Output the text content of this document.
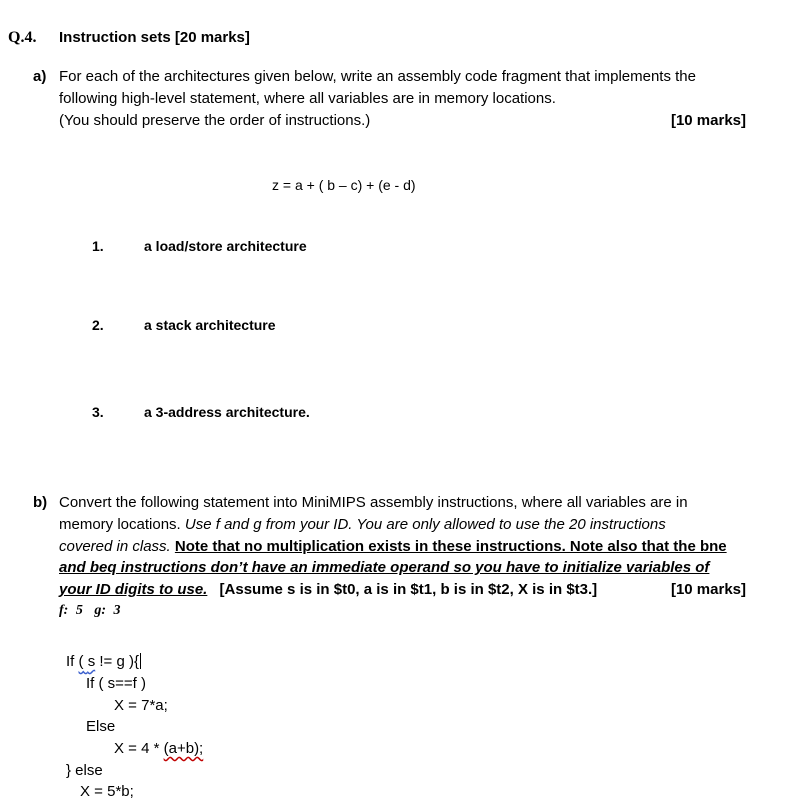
Q.4. Instruction sets [20 marks]
a) For each of the architectures given below, write an assembly code fragment that implements the
following high-level statement, where all variables are in memory locations.
(You should preserve the order of instructions.)	[10 marks]
z = a + ( b – c) + (e - d)
1.	a load/store architecture
2.	a stack architecture
3.	a 3-address architecture.
b) Convert the following statement into MiniMIPS assembly instructions, where all variables are in
memory locations. Use f and g from your ID. You are only allowed to use the 20 instructions
covered in class. Note that no multiplication exists in these instructions. Note also that the bne
and beq instructions don’t have an immediate operand so you have to initialize variables of
your ID digits to use. [Assume s is in $t0, a is in $t1, b is in $t2, X is in $t3.]	[10 marks]
f: 5 g: 3
If ( s != g ){
If ( s==f )
X = 7*a;
Else
X = 4 * (a+b);
} else
X = 5*b;
